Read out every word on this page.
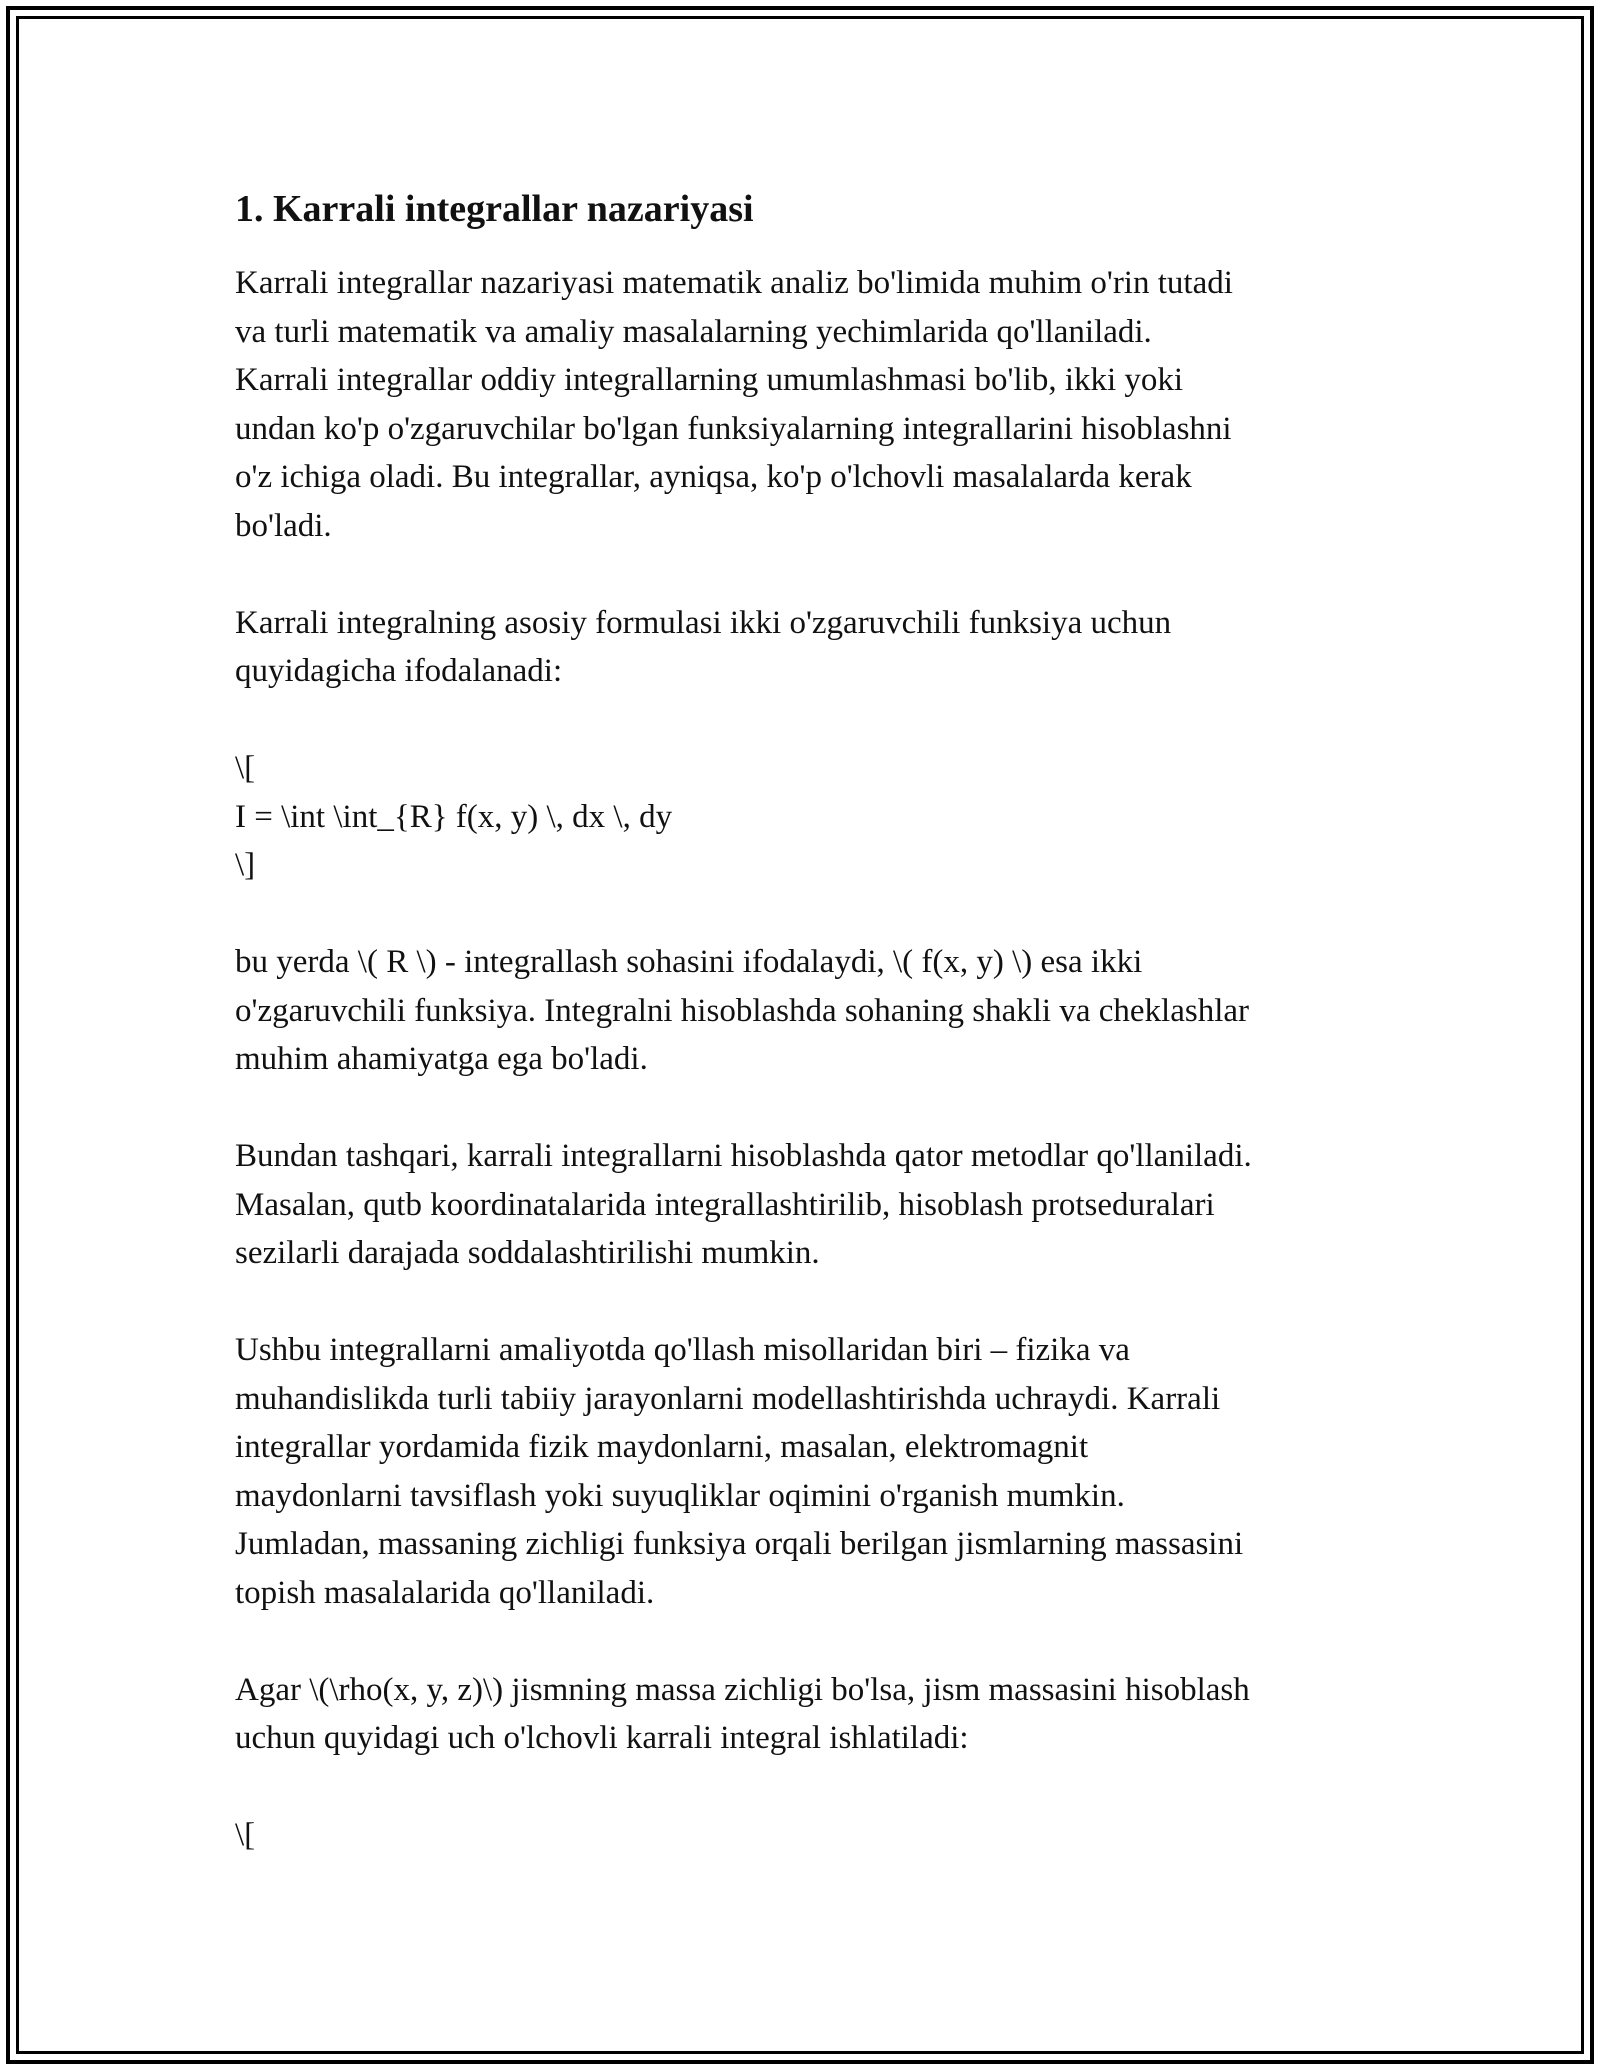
1. Karrali integrallar nazariyasi
Karrali integrallar nazariyasi matematik analiz bo'limida muhim o'rin tutadi
va turli matematik va amaliy masalalarning yechimlarida qo'llaniladi.
Karrali integrallar oddiy integrallarning umumlashmasi bo'lib, ikki yoki
undan ko'p o'zgaruvchilar bo'lgan funksiyalarning integrallarini hisoblashni
o'z ichiga oladi. Bu integrallar, ayniqsa, ko'p o'lchovli masalalarda kerak
bo'ladi.
Karrali integralning asosiy formulasi ikki o'zgaruvchili funksiya uchun
quyidagicha ifodalanadi:
\[
I = \int \int_{R} f(x, y) \, dx \, dy
\]
bu yerda \( R \) - integrallash sohasini ifodalaydi, \( f(x, y) \) esa ikki
o'zgaruvchili funksiya. Integralni hisoblashda sohaning shakli va cheklashlar
muhim ahamiyatga ega bo'ladi.
Bundan tashqari, karrali integrallarni hisoblashda qator metodlar qo'llaniladi.
Masalan, qutb koordinatalarida integrallashtirilib, hisoblash protseduralari
sezilarli darajada soddalashtirilishi mumkin.
Ushbu integrallarni amaliyotda qo'llash misollaridan biri – fizika va
muhandislikda turli tabiiy jarayonlarni modellashtirishda uchraydi. Karrali
integrallar yordamida fizik maydonlarni, masalan, elektromagnit
maydonlarni tavsiflash yoki suyuqliklar oqimini o'rganish mumkin.
Jumladan, massaning zichligi funksiya orqali berilgan jismlarning massasini
topish masalalarida qo'llaniladi.
Agar \(\rho(x, y, z)\) jismning massa zichligi bo'lsa, jism massasini hisoblash
uchun quyidagi uch o'lchovli karrali integral ishlatiladi:
\[
